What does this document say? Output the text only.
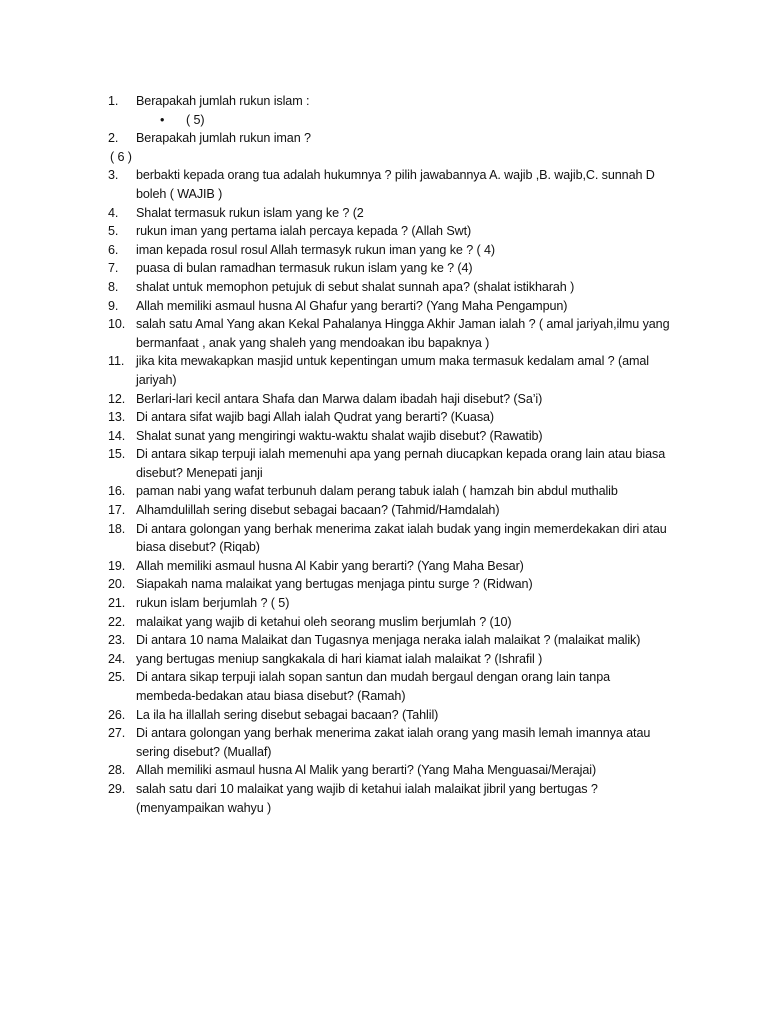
1.	Berapakah jumlah rukun islam :
• ( 5)
2.	Berapakah jumlah rukun iman ?
( 6 )
3.	berbakti kepada orang tua adalah hukumnya ? pilih jawabannya A. wajib ,B. wajib,C. sunnah D
boleh ( WAJIB )
4.	Shalat termasuk rukun islam yang ke ? (2
5.	rukun iman yang pertama ialah percaya kepada ? (Allah Swt)
6.	iman kepada rosul rosul Allah termasyk rukun iman yang ke ? ( 4)
7.	puasa di bulan ramadhan termasuk rukun islam yang ke ? (4)
8.	shalat untuk memophon petujuk di sebut shalat sunnah apa? (shalat istikharah )
9.	Allah memiliki asmaul husna Al Ghafur yang berarti? (Yang Maha Pengampun)
10. salah satu Amal Yang akan Kekal Pahalanya Hingga Akhir Jaman ialah ? ( amal jariyah,ilmu yang
bermanfaat , anak yang shaleh yang mendoakan ibu bapaknya )
11. jika kita mewakapkan masjid untuk kepentingan umum maka termasuk kedalam amal ? (amal
jariyah)
12. Berlari-lari kecil antara Shafa dan Marwa dalam ibadah haji disebut? (Sa’i)
13. Di antara sifat wajib bagi Allah ialah Qudrat yang berarti? (Kuasa)
14. Shalat sunat yang mengiringi waktu-waktu shalat wajib disebut? (Rawatib)
15. Di antara sikap terpuji ialah memenuhi apa yang pernah diucapkan kepada orang lain atau biasa
disebut? Menepati janji
16. paman nabi yang wafat terbunuh dalam perang tabuk ialah ( hamzah bin abdul muthalib
17. Alhamdulillah sering disebut sebagai bacaan? (Tahmid/Hamdalah)
18. Di antara golongan yang berhak menerima zakat ialah budak yang ingin memerdekakan diri atau
biasa disebut? (Riqab)
19. Allah memiliki asmaul husna Al Kabir yang berarti? (Yang Maha Besar)
20. Siapakah nama malaikat yang bertugas menjaga pintu surge ? (Ridwan)
21. rukun islam berjumlah ? ( 5)
22. malaikat yang wajib di ketahui oleh seorang muslim berjumlah ? (10)
23. Di antara 10 nama Malaikat dan Tugasnya menjaga neraka ialah malaikat ? (malaikat malik)
24. yang bertugas meniup sangkakala di hari kiamat ialah malaikat ? (Ishrafil )
25. Di antara sikap terpuji ialah sopan santun dan mudah bergaul dengan orang lain tanpa
membeda-bedakan atau biasa disebut? (Ramah)
26. La ila ha illallah sering disebut sebagai bacaan? (Tahlil)
27. Di antara golongan yang berhak menerima zakat ialah orang yang masih lemah imannya atau
sering disebut? (Muallaf)
28. Allah memiliki asmaul husna Al Malik yang berarti? (Yang Maha Menguasai/Merajai)
29. salah satu dari 10 malaikat yang wajib di ketahui ialah malaikat jibril yang bertugas ?
(menyampaikan wahyu )
